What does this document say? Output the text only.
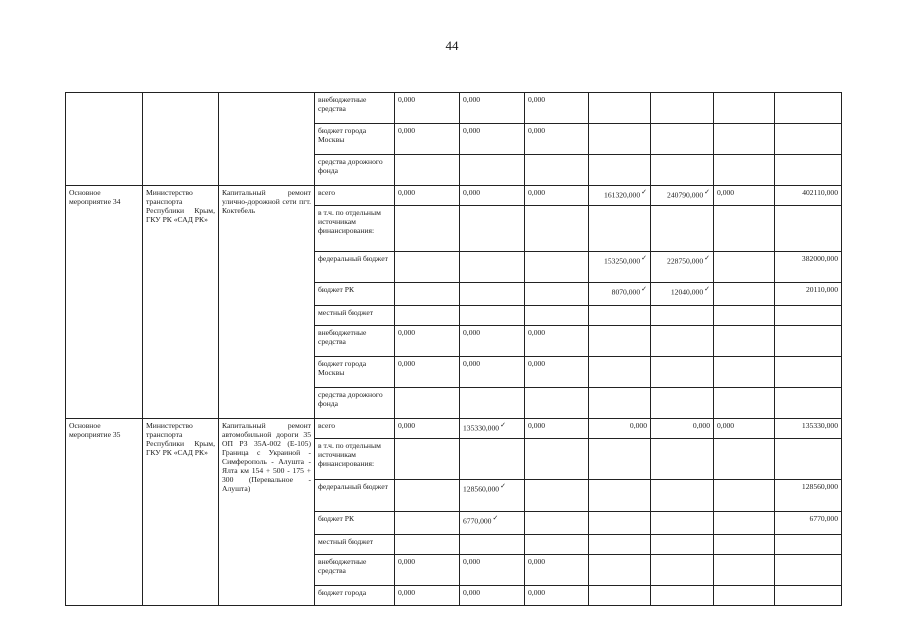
44
			внебюджетные средства	0,000	0,000	0,000				
			бюджет города Москвы	0,000	0,000	0,000				
			средства дорожного фонда							
Основное мероприятие 34	Министерство транспорта Республики Крым, ГКУ РК «САД РК»	Капитальный ремонт улично-дорожной сети пгт. Коктебель	всего	0,000	0,000	0,000	161320,000✓	240790,000✓	0,000	402110,000
			в т.ч. по отдельным источникам финансирования:							
			федеральный бюджет				153250,000✓	228750,000✓		382000,000
			бюджет РК				8070,000✓	12040,000✓		20110,000
			местный бюджет							
			внебюджетные средства	0,000	0,000	0,000				
			бюджет города Москвы	0,000	0,000	0,000				
			средства дорожного фонда							
Основное мероприятие 35	Министерство транспорта Республики Крым, ГКУ РК «САД РК»	Капитальный ремонт автомобильной дороги 35 ОП РЗ 35А-002 (Е-105) Граница с Украиной - Симферополь - Алушта - Ялта км 154 + 500 - 175 + 300 (Перевальное - Алушта)	всего	0,000	135330,000✓	0,000	0,000	0,000	0,000	135330,000
			в т.ч. по отдельным источникам финансирования:							
			федеральный бюджет		128560,000✓					128560,000
			бюджет РК		6770,000✓					6770,000
			местный бюджет							
			внебюджетные средства	0,000	0,000	0,000				
			бюджет города	0,000	0,000	0,000				
